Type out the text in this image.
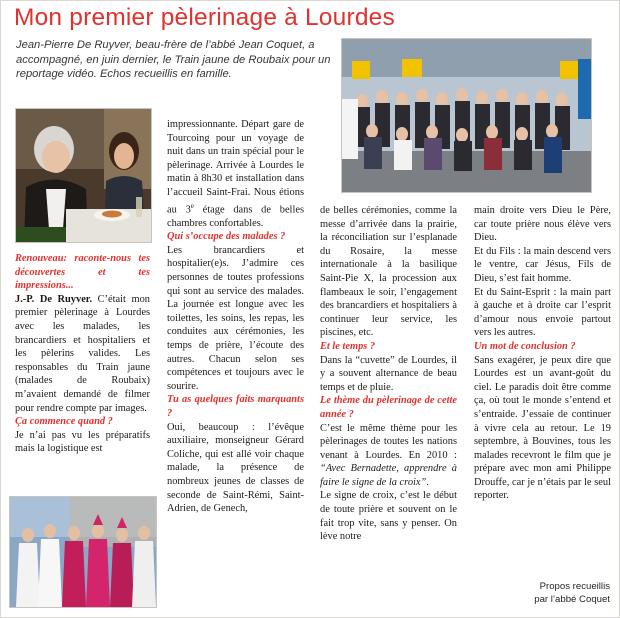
Mon premier pèlerinage à Lourdes
Jean-Pierre De Ruyver, beau-frère de l’abbé Jean Coquet, a accompagné, en juin dernier, le Train jaune de Roubaix pour un reportage vidéo. Echos recueillis en famille.

Renouveau: raconte-nous tes découvertes et tes impressions...

J.-P. De Ruyver. C’était mon premier pèlerinage à Lourdes avec les malades, les brancardiers et hospitaliers et les pèlerins valides. Les responsables du Train jaune (malades de Roubaix) m’avaient demandé de filmer pour rendre compte par images.

Ça commence quand ?

Je n’ai pas vu les préparatifs mais la logistique est

impressionnante. Départ gare de Tourcoing pour un voyage de nuit dans un train spécial pour le pèlerinage. Arrivée à Lourdes le matin à 8h30 et installation dans l’accueil Saint-Frai. Nous étions au 3e étage dans de belles chambres confortables.

Qui s’occupe des malades ?

Les brancardiers et hospitalier(e)s. J’admire ces personnes de toutes professions qui sont au service des malades. La journée est longue avec les toilettes, les soins, les repas, les conduites aux cérémonies, les temps de prière, l’écoute des autres. Chacun selon ses compétences et toujours avec le sourire.

Tu as quelques faits marquants ?

Oui, beaucoup : l’évêque auxiliaire, monseigneur Gérard Coliche, qui est allé voir chaque malade, la présence de nombreux jeunes de classes de seconde de Saint-Rémi, Saint-Adrien, de Genech,

de belles cérémonies, comme la messe d’arrivée dans la prairie, la réconciliation sur l’esplanade du Rosaire, la messe internationale à la basilique Saint-Pie X, la procession aux flambeaux le soir, l’engagement des brancardiers et hospitaliers à continuer leur service, les piscines, etc.

Et le temps ?

Dans la “cuvette” de Lourdes, il y a souvent alternance de beau temps et de pluie.

Le thème du pèlerinage de cette année ?

C’est le même thème pour les pèlerinages de toutes les nations venant à Lourdes. En 2010 : “Avec Bernadette, apprendre à faire le signe de la croix”.

Le signe de croix, c’est le début de toute prière et souvent on le fait trop vite, sans y penser. On lève notre

main droite vers Dieu le Père, car toute prière nous élève vers Dieu.

Et du Fils : la main descend vers le ventre, car Jésus, Fils de Dieu, s’est fait homme.

Et du Saint-Esprit : la main part à gauche et à droite car l’esprit d’amour nous envoie partout vers les autres.

Un mot de conclusion ?

Sans exagérer, je peux dire que Lourdes est un avant-goût du ciel. Le paradis doit être comme ça, où tout le monde s’entend et s’entraide. J’essaie de continuer à vivre cela au retour. Le 19 septembre, à Bouvines, tous les malades recevront le film que je prépare avec mon ami Philippe Drouffe, car je n’étais par le seul reporter.

Propos recueillis
par l’abbé Coquet
